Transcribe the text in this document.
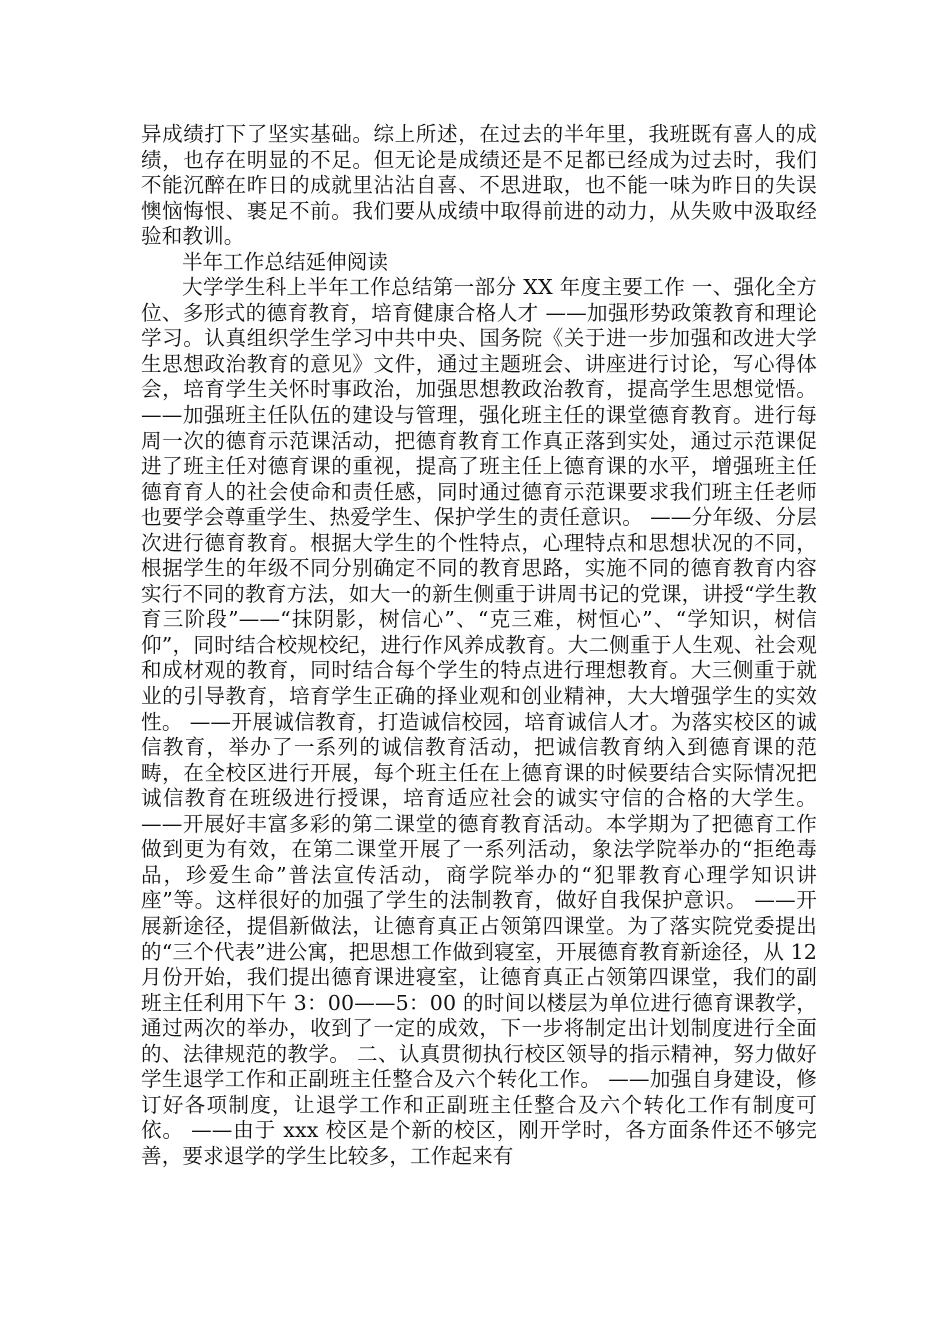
异成绩打下了坚实基础。综上所述，在过去的半年里，我班既有喜人的成绩，也存在明显的不足。但无论是成绩还是不足都已经成为过去时，我们不能沉醉在昨日的成就里沾沾自喜、不思进取，也不能一味为昨日的失误懊恼悔恨、裹足不前。我们要从成绩中取得前进的动力，从失败中汲取经验和教训。

半年工作总结延伸阅读

大学学生科上半年工作总结第一部分 XX 年度主要工作 一、强化全方位、多形式的德育教育，培育健康合格人才 ——加强形势政策教育和理论学习。认真组织学生学习中共中央、国务院《关于进一步加强和改进大学生思想政治教育的意见》文件，通过主题班会、讲座进行讨论，写心得体会，培育学生关怀时事政治，加强思想教政治教育，提高学生思想觉悟。 ——加强班主任队伍的建设与管理，强化班主任的课堂德育教育。进行每周一次的德育示范课活动，把德育教育工作真正落到实处，通过示范课促进了班主任对德育课的重视，提高了班主任上德育课的水平，增强班主任德育育人的社会使命和责任感，同时通过德育示范课要求我们班主任老师也要学会尊重学生、热爱学生、保护学生的责任意识。 ——分年级、分层次进行德育教育。根据大学生的个性特点，心理特点和思想状况的不同，根据学生的年级不同分别确定不同的教育思路，实施不同的德育教育内容实行不同的教育方法，如大一的新生侧重于讲周书记的党课，讲授“学生教育三阶段”——“抹阴影，树信心”、“克三难，树恒心”、“学知识，树信仰”，同时结合校规校纪，进行作风养成教育。大二侧重于人生观、社会观和成材观的教育，同时结合每个学生的特点进行理想教育。大三侧重于就业的引导教育，培育学生正确的择业观和创业精神，大大增强学生的实效性。 ——开展诚信教育，打造诚信校园，培育诚信人才。为落实校区的诚信教育，举办了一系列的诚信教育活动，把诚信教育纳入到德育课的范畴，在全校区进行开展，每个班主任在上德育课的时候要结合实际情况把诚信教育在班级进行授课，培育适应社会的诚实守信的合格的大学生。 ——开展好丰富多彩的第二课堂的德育教育活动。本学期为了把德育工作做到更为有效，在第二课堂开展了一系列活动，象法学院举办的“拒绝毒品，珍爱生命”普法宣传活动，商学院举办的“犯罪教育心理学知识讲座”等。这样很好的加强了学生的法制教育，做好自我保护意识。 ——开展新途径，提倡新做法，让德育真正占领第四课堂。为了落实院党委提出的“三个代表”进公寓，把思想工作做到寝室，开展德育教育新途径，从 12 月份开始，我们提出德育课进寝室，让德育真正占领第四课堂，我们的副班主任利用下午 3：00——5：00 的时间以楼层为单位进行德育课教学，通过两次的举办，收到了一定的成效，下一步将制定出计划制度进行全面的、法律规范的教学。 二、认真贯彻执行校区领导的指示精神，努力做好学生退学工作和正副班主任整合及六个转化工作。 ——加强自身建设，修订好各项制度，让退学工作和正副班主任整合及六个转化工作有制度可依。 ——由于 xxx 校区是个新的校区，刚开学时，各方面条件还不够完善，要求退学的学生比较多，工作起来有
